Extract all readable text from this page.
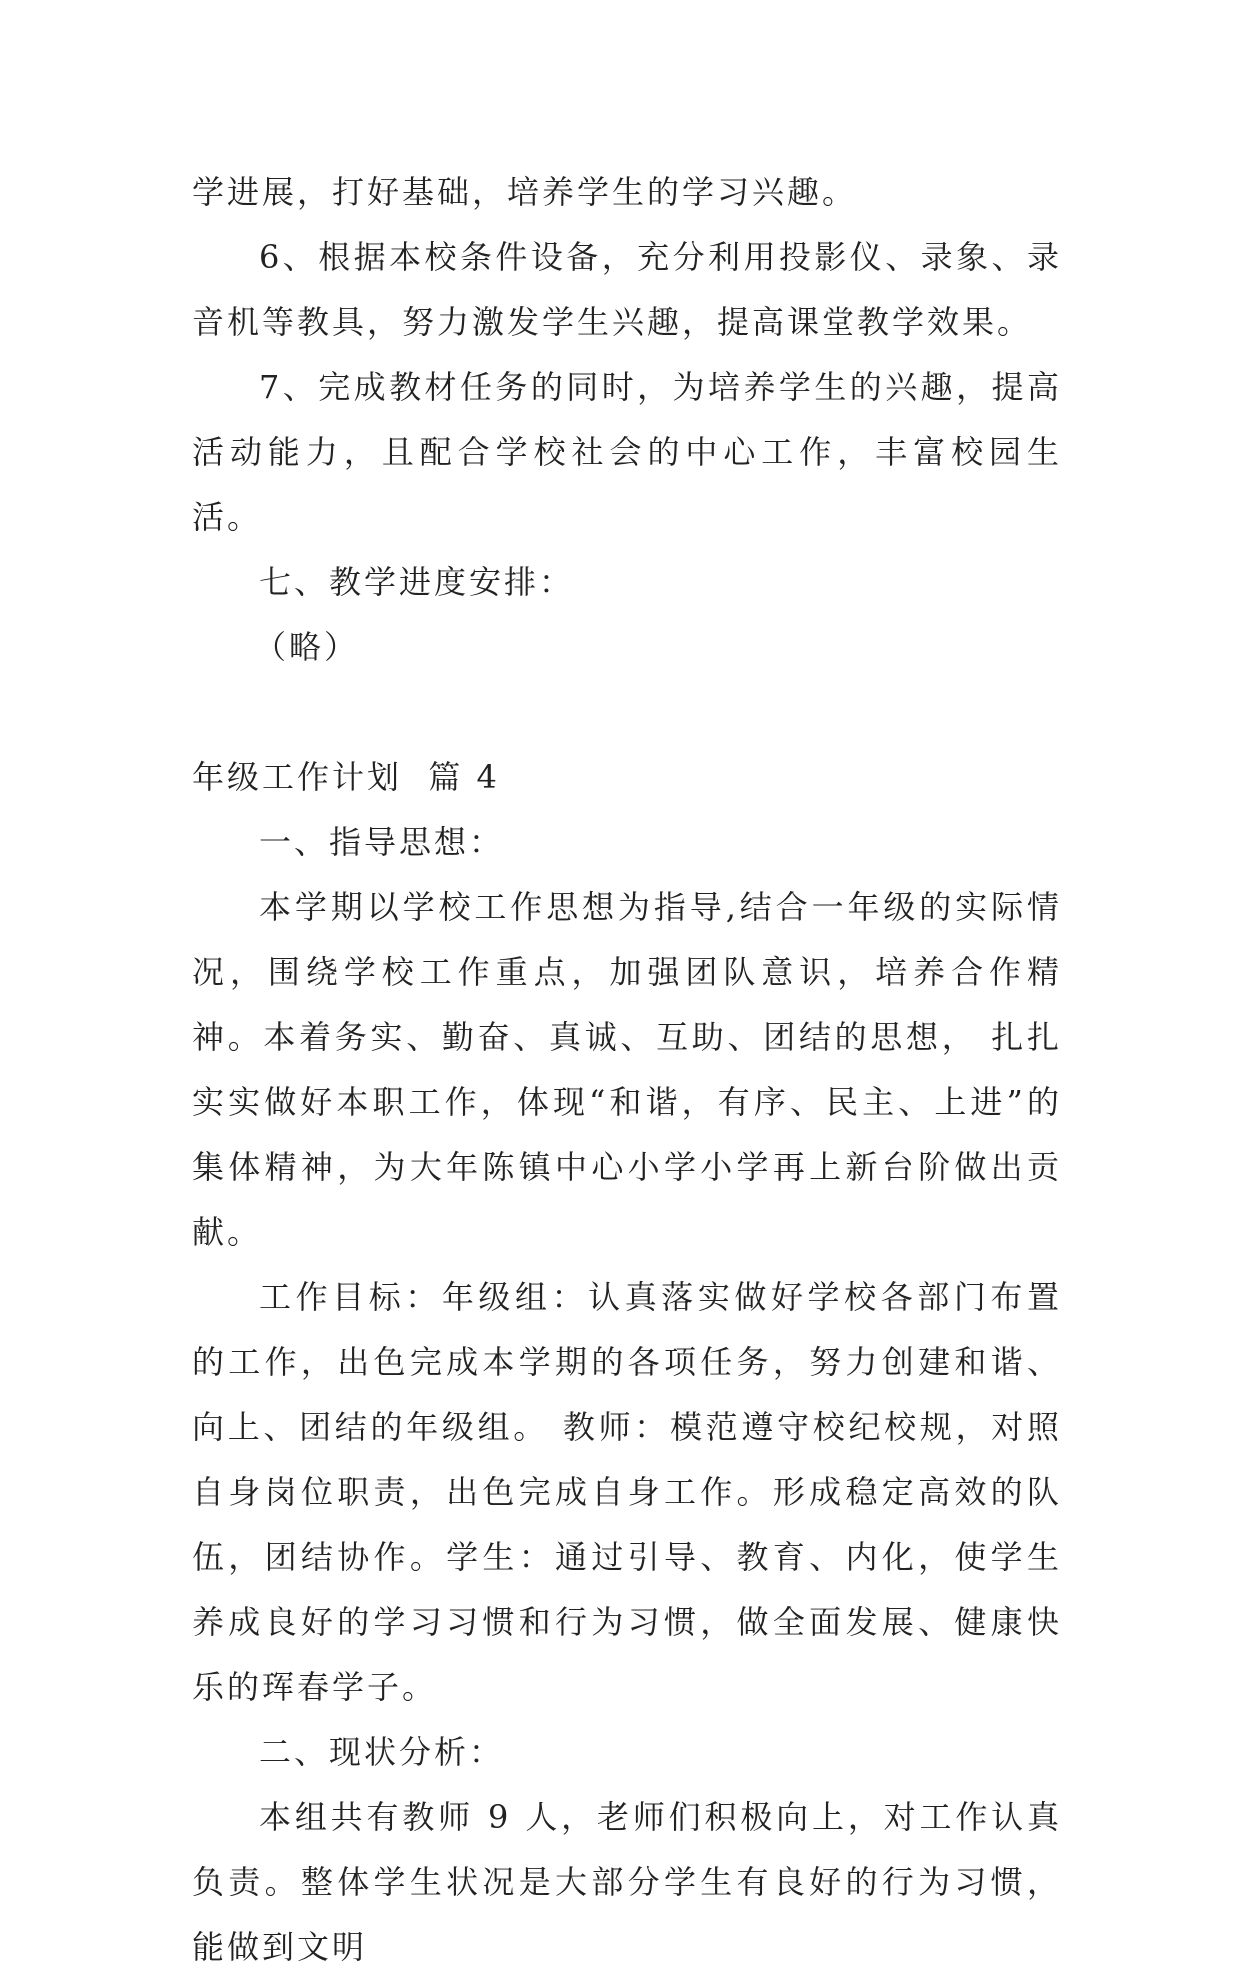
学进展，打好基础，培养学生的学习兴趣。

6、根据本校条件设备，充分利用投影仪、录象、录音机等教具，努力激发学生兴趣，提高课堂教学效果。

7、完成教材任务的同时，为培养学生的兴趣，提高活动能力，且配合学校社会的中心工作，丰富校园生活。

七、教学进度安排：

（略）

年级工作计划  篇 4

一、指导思想：

本学期以学校工作思想为指导,结合一年级的实际情况，围绕学校工作重点，加强团队意识，培养合作精神。本着务实、勤奋、真诚、互助、团结的思想， 扎扎实实做好本职工作，体现“和谐，有序、民主、上进”的集体精神，为大年陈镇中心小学小学再上新台阶做出贡献。

工作目标：年级组：认真落实做好学校各部门布置的工作，出色完成本学期的各项任务，努力创建和谐、向上、团结的年级组。 教师：模范遵守校纪校规，对照自身岗位职责，出色完成自身工作。形成稳定高效的队伍，团结协作。学生：通过引导、教育、内化，使学生养成良好的学习习惯和行为习惯，做全面发展、健康快乐的珲春学子。

二、现状分析：

本组共有教师 9 人，老师们积极向上，对工作认真负责。整体学生状况是大部分学生有良好的行为习惯，能做到文明
